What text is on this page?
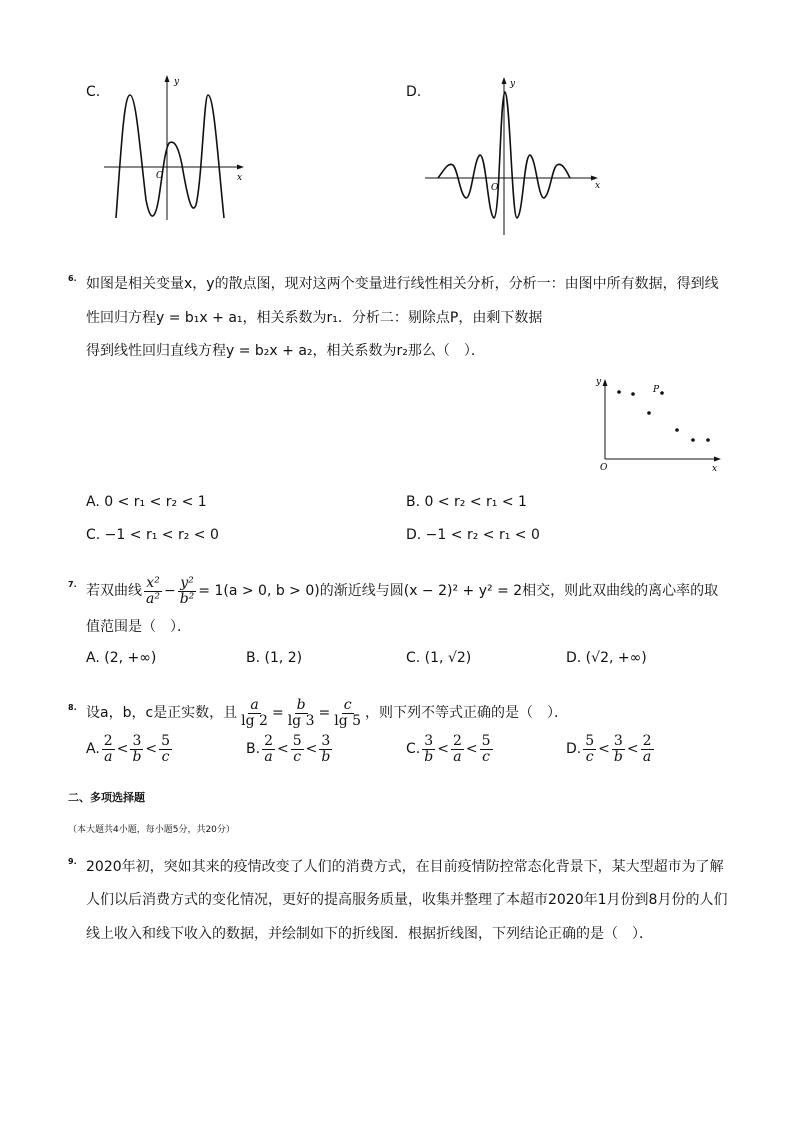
C.
y
x
O
D.	y
x
O
6. 如图是相关变量x，y的散点图，现对这两个变量进行线性相关分析，分析一：由图中所有数据，得到线
性回归方程y = b₁x + a₁，相关系数为r₁．分析二：剔除点P，由剩下数据
得到线性回归直线方程y = b₂x + a₂，相关系数为r₂那么（　）．
y
x
O
P
A. 0 < r₁ < r₂ < 1	B. 0 < r₂ < r₁ < 1
C. −1 < r₁ < r₂ < 0	D. −1 < r₂ < r₁ < 0
7. 若双曲线 $\frac{\text{x²}}{\text{a²}} - \frac{\text{y²}}{\text{b²}} = 1(a > 0$, b > 0)的渐近线与圆(x − 2)² + y² = 2相交，则此双曲线的离心率的取
值范围是（　）．
A. (2, +∞)	B. (1, 2)	C. (1, √2)	D. (√2, +∞)
8. 设a，b，c是正实数，且 $\frac{a}{\lg 2} = \frac{b}{\lg 3} = \frac{c}{\lg 5}$ ，则下列不等式正确的是（　）．
A. $\frac{2}{a} < \frac{3}{b} < \frac{5}{c}$	B. $\frac{2}{a} < \frac{5}{c} < \frac{3}{b}$	C. $\frac{3}{b} < \frac{2}{a} < \frac{5}{c}$	D. $\frac{5}{c} < \frac{3}{b} < \frac{2}{a}$
二、多项选择题
（本大题共4小题，每小题5分，共20分）
9. 2020年初，突如其来的疫情改变了人们的消费方式，在目前疫情防控常态化背景下，某大型超市为了解
人们以后消费方式的变化情况，更好的提高服务质量，收集并整理了本超市2020年1月份到8月份的人们
线上收入和线下收入的数据，并绘制如下的折线图．根据折线图，下列结论正确的是（　）．
